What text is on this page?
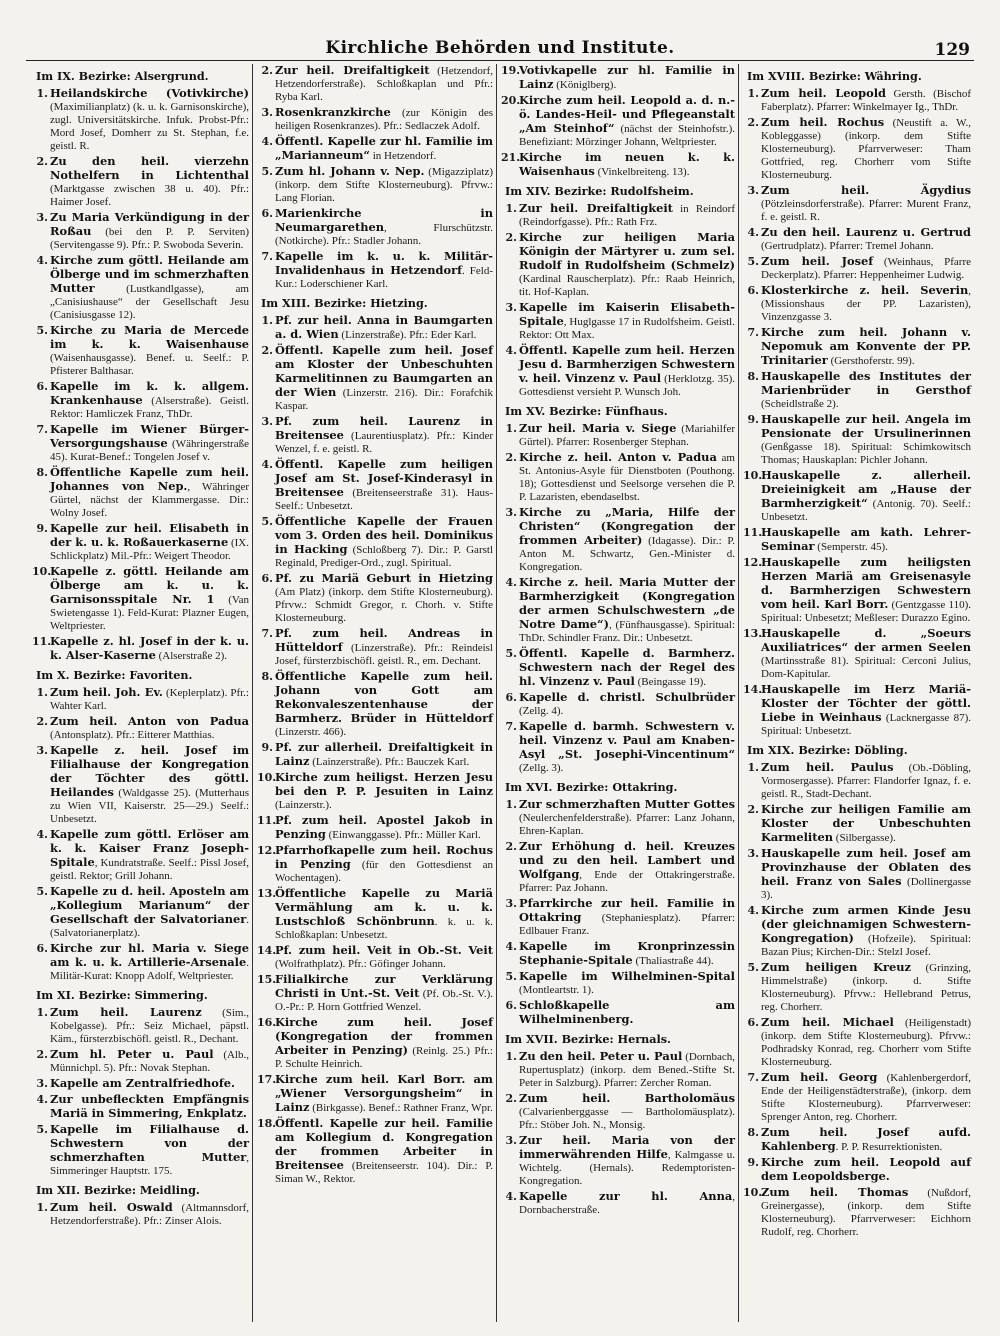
Kirchliche Behörden und Institute.	129
Im IX. Bezirke: Alsergrund.
1. Heilandskirche (Votivkirche) (Maximilianplatz) (k. u. k. Garnisonskirche), zugl. Universitätskirche. Infuk. Probst-Pfr.: Mord Josef, Domherr zu St. Stephan, f.e. geistl. R.
2. Zu den heil. vierzehn Nothelfern in Lichtenthal (Marktgasse zwischen 38 u. 40). Pfr.: Haimer Josef.
3. Zu Maria Verkündigung in der Roßau (bei den P. P. Serviten) (Servitengasse 9). Pfr.: P. Swoboda Severin.
4. Kirche zum göttl. Heilande am Ölberge und im schmerzhaften Mutter (Lustkandlgasse), am „Canisiushause“ der Gesellschaft Jesu (Canisiusgasse 12).
5. Kirche zu Maria de Mercede im k. k. Waisenhause (Waisenhausgasse). Benef. u. Seelf.: P. Pfisterer Balthasar.
6. Kapelle im k. k. allgem. Krankenhause (Alserstraße). Geistl. Rektor: Hamliczek Franz, ThDr.
7. Kapelle im Wiener Bürger-Versorgungshause (Währingerstraße 45). Kurat-Benef.: Tongelen Josef v.
8. Öffentliche Kapelle zum heil. Johannes von Nep., Währinger Gürtel, nächst der Klammergasse. Dir.: Wolny Josef.
9. Kapelle zur heil. Elisabeth in der k. u. k. Roßauerkaserne (IX. Schlickplatz) Mil.-Pfr.: Weigert Theodor.
10.
Kapelle z. göttl. Heilande am Ölberge am k. u. k. Garnisonsspitale Nr. 1 (Van Swietengasse 1). Feld-Kurat: Plazner Eugen, Weltpriester.
11.
Kapelle z. hl. Josef in der k. u. k. Alser-Kaserne (Alserstraße 2).
Im X. Bezirke: Favoriten.
1. Zum heil. Joh. Ev. (Keplerplatz). Pfr.: Wahter Karl.
2. Zum heil. Anton von Padua (Antonsplatz). Pfr.: Eitterer Matthias.
3. Kapelle z. heil. Josef im Filialhause der Kongregation der Töchter des göttl. Heilandes (Waldgasse 25). (Mutterhaus zu Wien VII, Kaiserstr. 25—29.) Seelf.: Unbesetzt.
4. Kapelle zum göttl. Erlöser am k. k. Kaiser Franz Joseph-Spitale, Kundratstraße. Seelf.: Pissl Josef, geistl. Rektor; Grill Johann.
5. Kapelle zu d. heil. Aposteln am „Kollegium Marianum“ der Gesellschaft der Salvatorianer. (Salvatorianerplatz).
6. Kirche zur hl. Maria v. Siege am k. u. k. Artillerie-Arsenale. Militär-Kurat: Knopp Adolf, Weltpriester.
Im XI. Bezirke: Simmering.
1. Zum heil. Laurenz (Sim., Kobelgasse). Pfr.: Seiz Michael, päpstl. Käm., fürsterzbischöfl. geistl. R., Dechant.
2. Zum hl. Peter u. Paul (Alb., Münnichpl. 5). Pfr.: Novak Stephan.
3. Kapelle am Zentralfriedhofe.
4. Zur unbefleckten Empfängnis Mariä in Simmering, Enkplatz.
5. Kapelle im Filialhause d. Schwestern von der schmerzhaften Mutter, Simmeringer Hauptstr. 175.
Im XII. Bezirke: Meidling.
1. Zum heil. Oswald (Altmannsdorf, Hetzendorferstraße). Pfr.: Zinser Alois.
2. Zur heil. Dreifaltigkeit (Hetzendorf, Hetzendorferstraße). Schloßkaplan und Pfr.: Ryba Karl.
3. Rosenkranzkirche (zur Königin des heiligen Rosenkranzes). Pfr.: Sedlaczek Adolf.
4. Öffentl. Kapelle zur hl. Familie im „Marianneum“ in Hetzendorf.
5. Zum hl. Johann v. Nep. (Migazziplatz) (inkorp. dem Stifte Klosterneuburg). Pfrvw.: Lang Florian.
6. Marienkirche in Neumargarethen, Flurschützstr. (Notkirche). Pfr.: Stadler Johann.
7. Kapelle im k. u. k. Militär-Invalidenhaus in Hetzendorf. Feld-Kur.: Loderschiener Karl.
Im XIII. Bezirke: Hietzing.
1. Pf. zur heil. Anna in Baumgarten a. d. Wien (Linzerstraße). Pfr.: Eder Karl.
2. Öffentl. Kapelle zum heil. Josef am Kloster der Unbeschuhten Karmelitinnen zu Baumgarten an der Wien (Linzerstr. 216). Dir.: Forafchik Kaspar.
3. Pf. zum heil. Laurenz in Breitensee (Laurentiusplatz). Pfr.: Kinder Wenzel, f. e. geistl. R.
4. Öffentl. Kapelle zum heiligen Josef am St. Josef-Kinderasyl in Breitensee (Breitenseerstraße 31). Haus-Seelf.: Unbesetzt.
5. Öffentliche Kapelle der Frauen vom 3. Orden des heil. Dominikus in Hacking (Schloßberg 7). Dir.: P. Garstl Reginald, Prediger-Ord., zugl. Spiritual.
6. Pf. zu Mariä Geburt in Hietzing (Am Platz) (inkorp. dem Stifte Klosterneuburg). Pfrvw.: Schmidt Gregor, r. Chorh. v. Stifte Klosterneuburg.
7. Pf. zum heil. Andreas in Hütteldorf (Linzerstraße). Pfr.: Reindeisl Josef, fürsterzbischöfl. geistl. R., em. Dechant.
8. Öffentliche Kapelle zum heil. Johann von Gott am Rekonvaleszentenhause der Barmherz. Brüder in Hütteldorf (Linzerstr. 466).
9. Pf. zur allerheil. Dreifaltigkeit in Lainz (Lainzerstraße). Pfr.: Bauczek Karl.
10.
Kirche zum heiligst. Herzen Jesu bei den P. P. Jesuiten in Lainz (Lainzerstr.).
11.
Pf. zum heil. Apostel Jakob in Penzing (Einwanggasse). Pfr.: Müller Karl.
12.
Pfarrhofkapelle zum heil. Rochus in Penzing (für den Gottesdienst an Wochentagen).
13.
Öffentliche Kapelle zu Mariä Vermählung am k. u. k. Lustschloß Schönbrunn. k. u. k. Schloßkaplan: Unbesetzt.
14.
Pf. zum heil. Veit in Ob.-St. Veit (Wolfrathplatz). Pfr.: Göfinger Johann.
15.
Filialkirche zur Verklärung Christi in Unt.-St. Veit (Pf. Ob.-St. V.). O.-Pr.: P. Horn Gottfried Wenzel.
16.
Kirche zum heil. Josef (Kongregation der frommen Arbeiter in Penzing) (Reinlg. 25.) Pfr.: P. Schulte Heinrich.
17.
Kirche zum heil. Karl Borr. am „Wiener Versorgungsheim“ in Lainz (Birkgasse). Benef.: Rathner Franz, Wpr.
18.
Öffentl. Kapelle zur heil. Familie am Kollegium d. Kongregation der frommen Arbeiter in Breitensee (Breitenseerstr. 104). Dir.: P. Siman W., Rektor.
19.
Votivkapelle zur hl. Familie in Lainz (Königlberg).
20.
Kirche zum heil. Leopold a. d. n.-ö. Landes-Heil- und Pflegeanstalt „Am Steinhof“ (nächst der Steinhofstr.). Benefiziant: Mörzinger Johann, Weltpriester.
21.
Kirche im neuen k. k. Waisenhaus (Vinkelbreiteng. 13).
Im XIV. Bezirke: Rudolfsheim.
1. Zur heil. Dreifaltigkeit in Reindorf (Reindorfgasse). Pfr.: Rath Frz.
2. Kirche zur heiligen Maria Königin der Märtyrer u. zum sel. Rudolf in Rudolfsheim (Schmelz) (Kardinal Rauscherplatz). Pfr.: Raab Heinrich, tit. Hof-Kaplan.
3. Kapelle im Kaiserin Elisabeth-Spitale, Huglgasse 17 in Rudolfsheim. Geistl. Rektor: Ott Max.
4. Öffentl. Kapelle zum heil. Herzen Jesu d. Barmherzigen Schwestern v. heil. Vinzenz v. Paul (Herklotzg. 35). Gottesdienst versieht P. Wunsch Joh.
Im XV. Bezirke: Fünfhaus.
1. Zur heil. Maria v. Siege (Mariahilfer Gürtel). Pfarrer: Rosenberger Stephan.
2. Kirche z. heil. Anton v. Padua am St. Antonius-Asyle für Dienstboten (Pouthong. 18); Gottesdienst und Seelsorge versehen die P. P. Lazaristen, ebendaselbst.
3. Kirche zu „Maria, Hilfe der Christen“ (Kongregation der frommen Arbeiter) (Idagasse). Dir.: P. Anton M. Schwartz, Gen.-Minister d. Kongregation.
4. Kirche z. heil. Maria Mutter der Barmherzigkeit (Kongregation der armen Schulschwestern „de Notre Dame“), (Fünfhausgasse). Spiritual: ThDr. Schindler Franz. Dir.: Unbesetzt.
5. Öffentl. Kapelle d. Barmherz. Schwestern nach der Regel des hl. Vinzenz v. Paul (Beingasse 19).
6. Kapelle d. christl. Schulbrüder (Zellg. 4).
7. Kapelle d. barmh. Schwestern v. heil. Vinzenz v. Paul am Knaben-Asyl „St. Josephi-Vincentinum“ (Zellg. 3).
Im XVI. Bezirke: Ottakring.
1. Zur schmerzhaften Mutter Gottes (Neulerchenfelderstraße). Pfarrer: Lanz Johann, Ehren-Kaplan.
2. Zur Erhöhung d. heil. Kreuzes und zu den heil. Lambert und Wolfgang, Ende der Ottakringerstraße. Pfarrer: Paz Johann.
3. Pfarrkirche zur heil. Familie in Ottakring (Stephaniesplatz). Pfarrer: Edlbauer Franz.
4. Kapelle im Kronprinzessin Stephanie-Spitale (Thaliastraße 44).
5. Kapelle im Wilhelminen-Spital (Montleartstr. 1).
6. Schloßkapelle am Wilhelminenberg.
Im XVII. Bezirke: Hernals.
1. Zu den heil. Peter u. Paul (Dornbach, Rupertusplatz) (inkorp. dem Bened.-Stifte St. Peter in Salzburg). Pfarrer: Zercher Roman.
2. Zum heil. Bartholomäus (Calvarienberggasse — Bartholomäusplatz). Pfr.: Stöber Joh. N., Monsig.
3. Zur heil. Maria von der immerwährenden Hilfe, Kalmgasse u. Wichtelg. (Hernals). Redemptoristen-Kongregation.
4. Kapelle zur hl. Anna, Dornbacherstraße.
Im XVIII. Bezirke: Währing.
1. Zum heil. Leopold Gersth. (Bischof Faberplatz). Pfarrer: Winkelmayer Ig., ThDr.
2. Zum heil. Rochus (Neustift a. W., Kobleggasse) (inkorp. dem Stifte Klosterneuburg). Pfarrverweser: Tham Gottfried, reg. Chorherr vom Stifte Klosterneuburg.
3. Zum heil. Ägydius (Pötzleinsdorferstraße). Pfarrer: Murent Franz, f. e. geistl. R.
4. Zu den heil. Laurenz u. Gertrud (Gertrudplatz). Pfarrer: Tremel Johann.
5. Zum heil. Josef (Weinhaus, Pfarre Deckerplatz). Pfarrer: Heppenheimer Ludwig.
6. Klosterkirche z. heil. Severin, (Missionshaus der PP. Lazaristen), Vinzenzgasse 3.
7. Kirche zum heil. Johann v. Nepomuk am Konvente der PP. Trinitarier (Gersthoferstr. 99).
8. Hauskapelle des Institutes der Marienbrüder in Gersthof (Scheidlstraße 2).
9. Hauskapelle zur heil. Angela im Pensionate der Ursulinerinnen (Genßgasse 18). Spiritual: Schimkowitsch Thomas; Hauskaplan: Pichler Johann.
10.
Hauskapelle z. allerheil. Dreieinigkeit am „Hause der Barmherzigkeit“ (Antonig. 70). Seelf.: Unbesetzt.
11.
Hauskapelle am kath. Lehrer-Seminar (Semperstr. 45).
12.
Hauskapelle zum heiligsten Herzen Mariä am Greisenasyle d. Barmherzigen Schwestern vom heil. Karl Borr. (Gentzgasse 110). Spiritual: Unbesetzt; Meßleser: Durazzo Egino.
13.
Hauskapelle d. „Soeurs Auxiliatrices“ der armen Seelen (Martinsstraße 81). Spiritual: Cerconi Julius, Dom-Kapitular.
14.
Hauskapelle im Herz Mariä-Kloster der Töchter der göttl. Liebe in Weinhaus (Lacknergasse 87). Spiritual: Unbesetzt.
Im XIX. Bezirke: Döbling.
1. Zum heil. Paulus (Ob.-Döbling, Vormosergasse). Pfarrer: Flandorfer Ignaz, f. e. geistl. R., Stadt-Dechant.
2. Kirche zur heiligen Familie am Kloster der Unbeschuhten Karmeliten (Silbergasse).
3. Hauskapelle zum heil. Josef am Provinzhause der Oblaten des heil. Franz von Sales (Dollinergasse 3).
4. Kirche zum armen Kinde Jesu (der gleichnamigen Schwestern-Kongregation) (Hofzeile). Spiritual: Bazan Pius; Kirchen-Dir.: Stelzl Josef.
5. Zum heiligen Kreuz (Grinzing, Himmelstraße) (inkorp. d. Stifte Klosterneuburg). Pfrvw.: Hellebrand Petrus, reg. Chorherr.
6. Zum heil. Michael (Heiligenstadt) (inkorp. dem Stifte Klosterneuburg). Pfrvw.: Podhradsky Konrad, reg. Chorherr vom Stifte Klosterneuburg.
7. Zum heil. Georg (Kahlenbergerdorf, Ende der Heiligenstädterstraße), (inkorp. dem Stifte Klosterneuburg). Pfarrverweser: Sprenger Anton, reg. Chorherr.
8. Zum heil. Josef aufd. Kahlenberg. P. P. Resurrektionisten.
9. Kirche zum heil. Leopold auf dem Leopoldsberge.
10.
Zum heil. Thomas (Nußdorf, Greinergasse), (inkorp. dem Stifte Klosterneuburg). Pfarrverweser: Eichhorn Rudolf, reg. Chorherr.
